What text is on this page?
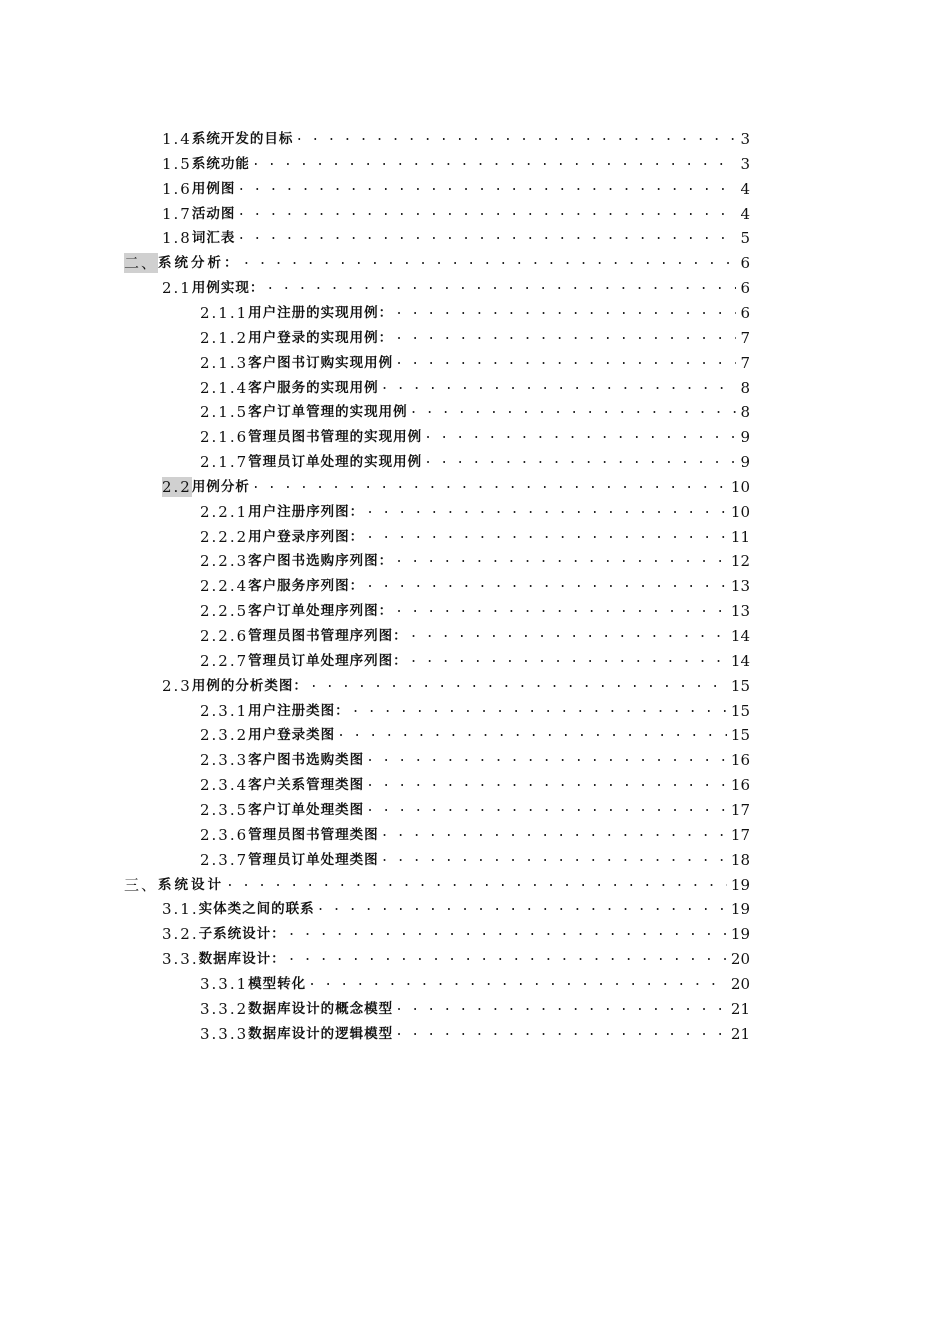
1.4 系统开发的目标 . . .	3
1.5 系统功能 . . .	3
1.6 用例图 . . .	4
1.7 活动图 . . .	4
1.8 词汇表 . . .	5
二、 系统分析： . . .	6
2.1 用例实现： . . .	6
2.1.1 用户注册的实现用例： . . .	6
2.1.2 用户登录的实现用例： . . .	7
2.1.3 客户图书订购实现用例 . . .	7
2.1.4 客户服务的实现用例 . . .	8
2.1.5 客户订单管理的实现用例 . . .	8
2.1.6 管理员图书管理的实现用例 . . .	9
2.1.7 管理员订单处理的实现用例 . . .	9
2.2 用例分析 . . .	10
2.2.1 用户注册序列图： . . .	10
2.2.2 用户登录序列图： . . .	11
2.2.3 客户图书选购序列图： . . .	12
2.2.4 客户服务序列图： . . .	13
2.2.5 客户订单处理序列图： . . .	13
2.2.6 管理员图书管理序列图： . . .	14
2.2.7 管理员订单处理序列图： . . .	14
2.3 用例的分析类图： . . .	15
2.3.1 用户注册类图： . . .	15
2.3.2 用户登录类图 . . .	15
2.3.3 客户图书选购类图 . . .	16
2.3.4 客户关系管理类图 . . .	16
2.3.5 客户订单处理类图 . . .	17
2.3.6 管理员图书管理类图 . . .	17
2.3.7 管理员订单处理类图 . . .	18
三、 系统设计 . . .	19
3.1. 实体类之间的联系 . . .	19
3.2. 子系统设计： . . .	19
3.3. 数据库设计： . . .	20
3.3.1 模型转化 . . .	20
3.3.2 数据库设计的概念模型 . . .	21
3.3.3 数据库设计的逻辑模型 . . .	21
